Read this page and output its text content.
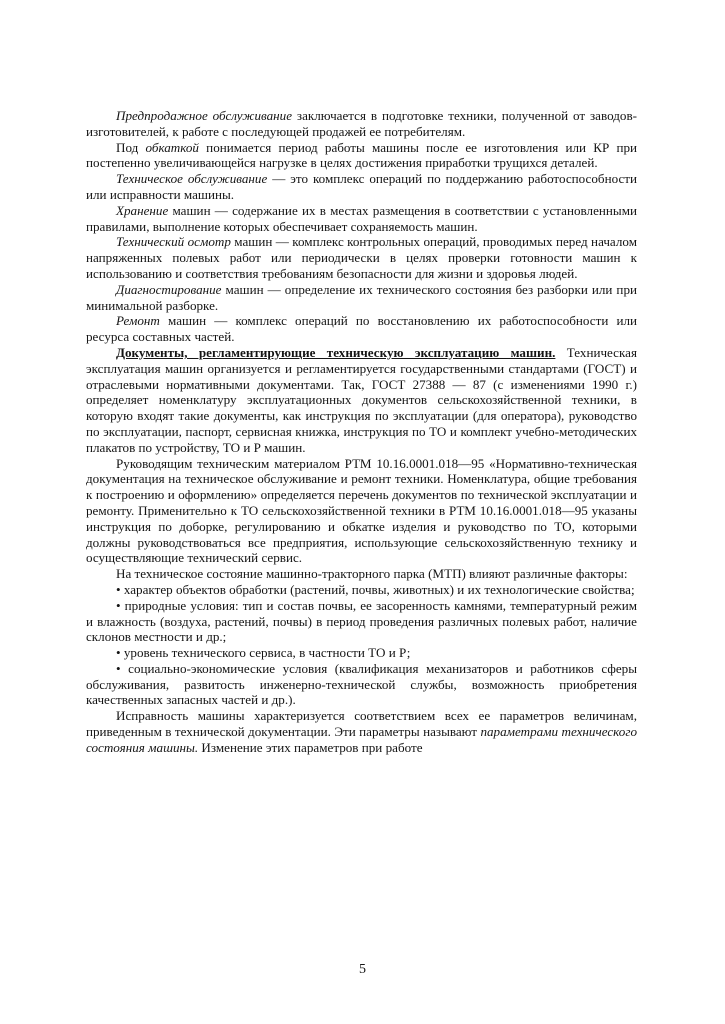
Предпродажное обслуживание заключается в подготовке техники, полученной от заводов-изготовителей, к работе с последующей продажей ее потребителям.

Под обкаткой понимается период работы машины после ее изготовления или КР при постепенно увеличивающейся нагрузке в целях достижения приработки трущихся деталей.

Техническое обслуживание — это комплекс операций по поддержанию работоспособности или исправности машины.

Хранение машин — содержание их в местах размещения в соответствии с установленными правилами, выполнение которых обеспечивает сохраняемость машин.

Технический осмотр машин — комплекс контрольных операций, проводимых перед началом напряженных полевых работ или периодически в целях проверки готовности машин к использованию и соответствия требованиям безопасности для жизни и здоровья людей.

Диагностирование машин — определение их технического состояния без разборки или при минимальной разборке.

Ремонт машин — комплекс операций по восстановлению их работоспособности или ресурса составных частей.

Документы, регламентирующие техническую эксплуатацию машин. Техническая эксплуатация машин организуется и регламентируется государственными стандартами (ГОСТ) и отраслевыми нормативными документами. Так, ГОСТ 27388 — 87 (с изменениями 1990 г.) определяет номенклатуру эксплуатационных документов сельскохозяйственной техники, в которую входят такие документы, как инструкция по эксплуатации (для оператора), руководство по эксплуатации, паспорт, сервисная книжка, инструкция по ТО и комплект учебно-методических плакатов по устройству, ТО и Р машин.

Руководящим техническим материалом РТМ 10.16.0001.018—95 «Нормативно-техническая документация на техническое обслуживание и ремонт техники. Номенклатура, общие требования к построению и оформлению» определяется перечень документов по технической эксплуатации и ремонту. Применительно к ТО сельскохозяйственной техники в РТМ 10.16.0001.018—95 указаны инструкция по доборке, регулированию и обкатке изделия и руководство по ТО, которыми должны руководствоваться все предприятия, использующие сельскохозяйственную технику и осуществляющие технический сервис.

На техническое состояние машинно-тракторного парка (МТП) влияют различные факторы:

• характер объектов обработки (растений, почвы, животных) и их технологические свойства;

• природные условия: тип и состав почвы, ее засоренность камнями, температурный режим и влажность (воздуха, растений, почвы) в период проведения различных полевых работ, наличие склонов местности и др.;

• уровень технического сервиса, в частности ТО и Р;

• социально-экономические условия (квалификация механизаторов и работников сферы обслуживания, развитость инженерно-технической службы, возможность приобретения качественных запасных частей и др.).

Исправность машины характеризуется соответствием всех ее параметров величинам, приведенным в технической документации. Эти параметры называют параметрами технического состояния машины. Изменение этих параметров при работе

5
